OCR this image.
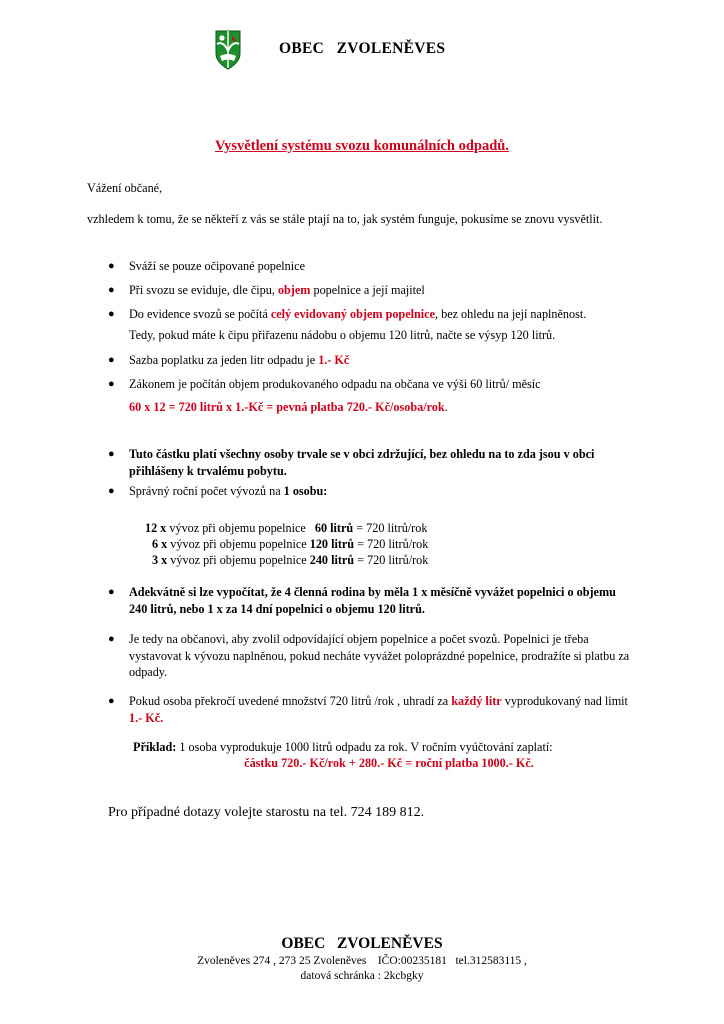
OBEC   ZVOLENĚVES
Vysvětlení systému svozu komunálních odpadů.
Vážení občané,
vzhledem k tomu, že se někteří z vás se stále ptají na to, jak systém funguje, pokusíme se znovu vysvětlit.
● Sváží se pouze očipované popelnice
● Při svozu se eviduje, dle čipu, objem popelnice a její majitel
● Do evidence svozů se počítá celý evidovaný objem popelnice, bez ohledu na její naplněnost.
Tedy, pokud máte k čipu přiřazenu nádobu o objemu 120 litrů, načte se výsyp 120 litrů.
● Sazba poplatku za jeden litr odpadu je 1.- Kč
● Zákonem je počítán objem produkovaného odpadu na občana ve výši 60 litrů/ měsíc
60 x 12 = 720 litrů x 1.-Kč = pevná platba 720.- Kč/osoba/rok.
● Tuto částku platí všechny osoby trvale se v obci zdržující, bez ohledu na to zda jsou v obci přihlášeny k trvalému pobytu.
● Správný roční počet vývozů na 1 osobu:
12 x vývoz při objemu popelnice   60 litrů = 720 litrů/rok
6 x vývoz při objemu popelnice 120 litrů = 720 litrů/rok
3 x vývoz při objemu popelnice 240 litrů = 720 litrů/rok
● Adekvátně si lze vypočítat, že 4 členná rodina by měla 1 x měsíčně vyvážet popelnici o objemu 240 litrů, nebo 1 x za 14 dní popelnici o objemu 120 litrů.
● Je tedy na občanovi, aby zvolil odpovídající objem popelnice a počet svozů. Popelnici je třeba vystavovat k vývozu naplněnou, pokud necháte vyvážet poloprázdné popelnice, prodražíte si platbu za odpady.
● Pokud osoba překročí uvedené množství 720 litrů /rok , uhradí za každý litr vyprodukovaný nad limit 1.- Kč.
Příklad: 1 osoba vyprodukuje 1000 litrů odpadu za rok. V ročním vyúčtování zaplatí:
částku 720.- Kč/rok + 280.- Kč = roční platba 1000.- Kč.
Pro případné dotazy volejte starostu na tel. 724 189 812.
OBEC   ZVOLENĚVES
Zvoleněves 274 , 273 25 Zvoleněves    IČO:00235181   tel.312583115 ,
datová schránka : 2kcbgky
